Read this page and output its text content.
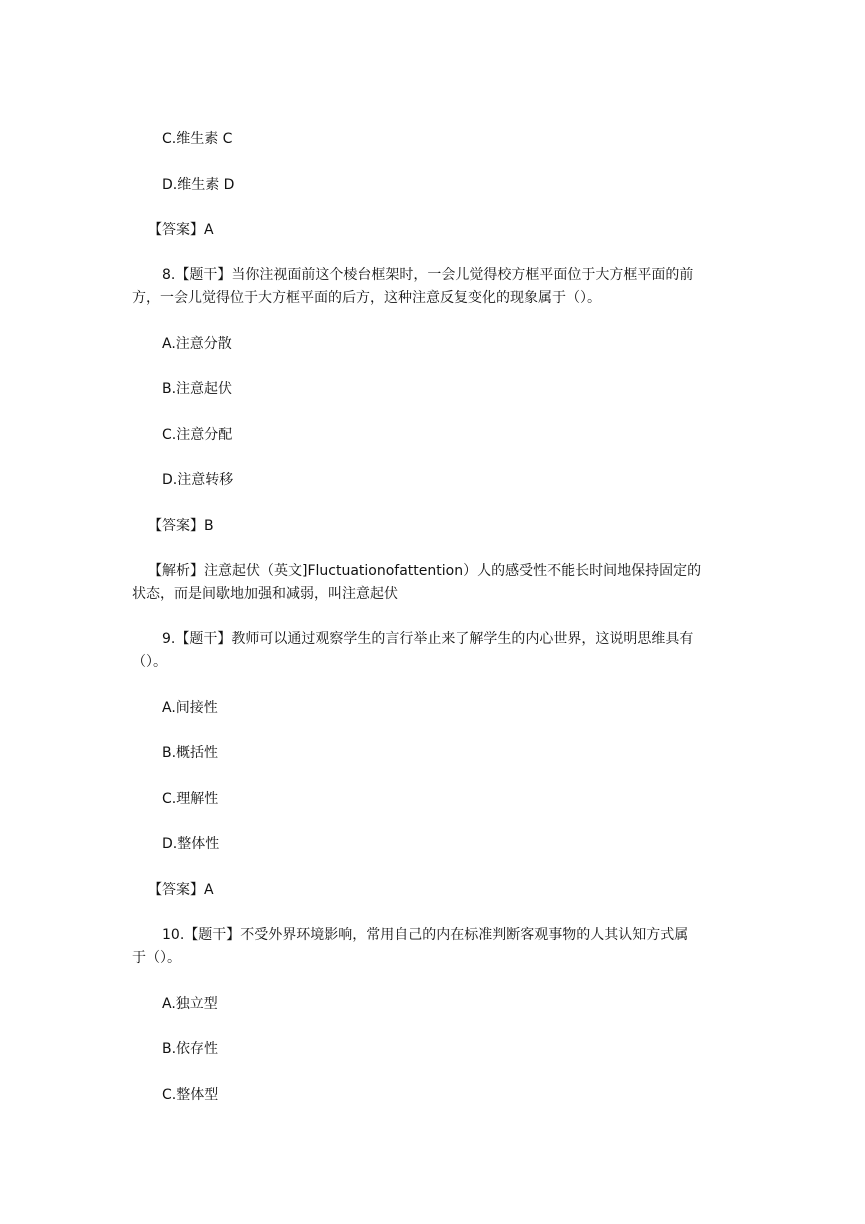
C.维生素 C
D.维生素 D
【答案】A
8.【题干】当你注视面前这个棱台框架时，一会儿觉得校方框平面位于大方框平面的前
方，一会儿觉得位于大方框平面的后方，这种注意反复变化的现象属于（）。
A.注意分散
B.注意起伏
C.注意分配
D.注意转移
【答案】B
【解析】注意起伏（英文]Fluctuationofattention）人的感受性不能长时间地保持固定的
状态，而是间歇地加强和减弱，叫注意起伏
9.【题干】教师可以通过观察学生的言行举止来了解学生的内心世界，这说明思维具有
（）。
A.间接性
B.概括性
C.理解性
D.整体性
【答案】A
10.【题干】不受外界环境影响，常用自己的内在标准判断客观事物的人其认知方式属
于（）。
A.独立型
B.依存性
C.整体型
